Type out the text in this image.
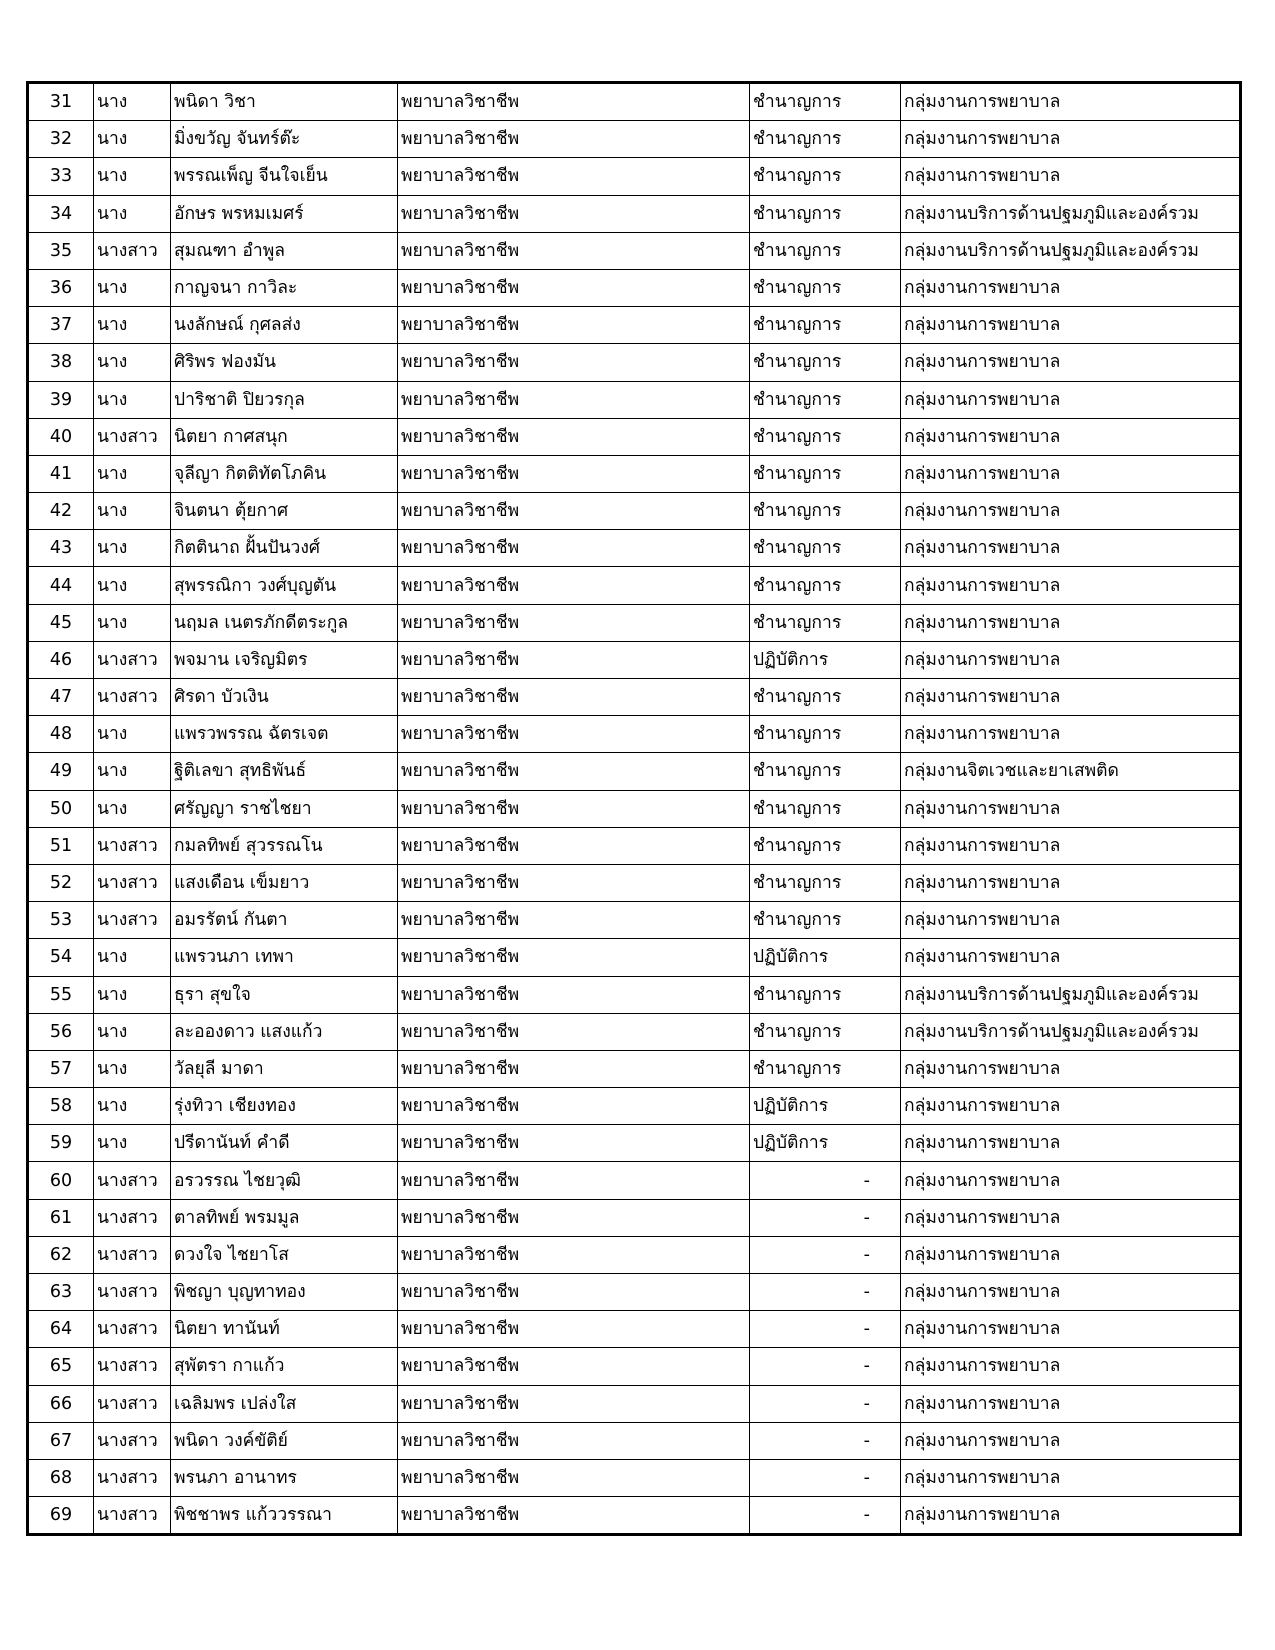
31	นาง	พนิดา วิชา	พยาบาลวิชาชีพ	ชำนาญการ	กลุ่มงานการพยาบาล
32	นาง	มิ่งขวัญ จันทร์ต๊ะ	พยาบาลวิชาชีพ	ชำนาญการ	กลุ่มงานการพยาบาล
33	นาง	พรรณเพ็ญ จีนใจเย็น	พยาบาลวิชาชีพ	ชำนาญการ	กลุ่มงานการพยาบาล
34	นาง	อักษร พรหมเมศร์	พยาบาลวิชาชีพ	ชำนาญการ	กลุ่มงานบริการด้านปฐมภูมิและองค์รวม
35	นางสาว	สุมณฑา อำพูล	พยาบาลวิชาชีพ	ชำนาญการ	กลุ่มงานบริการด้านปฐมภูมิและองค์รวม
36	นาง	กาญจนา กาวิละ	พยาบาลวิชาชีพ	ชำนาญการ	กลุ่มงานการพยาบาล
37	นาง	นงลักษณ์ กุศลส่ง	พยาบาลวิชาชีพ	ชำนาญการ	กลุ่มงานการพยาบาล
38	นาง	ศิริพร ฟองมัน	พยาบาลวิชาชีพ	ชำนาญการ	กลุ่มงานการพยาบาล
39	นาง	ปาริชาติ ปิยวรกุล	พยาบาลวิชาชีพ	ชำนาญการ	กลุ่มงานการพยาบาล
40	นางสาว	นิตยา กาศสนุก	พยาบาลวิชาชีพ	ชำนาญการ	กลุ่มงานการพยาบาล
41	นาง	จุลีญา กิตติทัตโภคิน	พยาบาลวิชาชีพ	ชำนาญการ	กลุ่มงานการพยาบาล
42	นาง	จินตนา ตุ้ยกาศ	พยาบาลวิชาชีพ	ชำนาญการ	กลุ่มงานการพยาบาล
43	นาง	กิตตินาถ ฝั้นปันวงศ์	พยาบาลวิชาชีพ	ชำนาญการ	กลุ่มงานการพยาบาล
44	นาง	สุพรรณิกา วงศ์บุญตัน	พยาบาลวิชาชีพ	ชำนาญการ	กลุ่มงานการพยาบาล
45	นาง	นฤมล เนตรภักดีตระกูล	พยาบาลวิชาชีพ	ชำนาญการ	กลุ่มงานการพยาบาล
46	นางสาว	พจมาน เจริญมิตร	พยาบาลวิชาชีพ	ปฏิบัติการ	กลุ่มงานการพยาบาล
47	นางสาว	ศิรดา บัวเงิน	พยาบาลวิชาชีพ	ชำนาญการ	กลุ่มงานการพยาบาล
48	นาง	แพรวพรรณ ฉัตรเจต	พยาบาลวิชาชีพ	ชำนาญการ	กลุ่มงานการพยาบาล
49	นาง	ฐิติเลขา สุทธิพันธ์	พยาบาลวิชาชีพ	ชำนาญการ	กลุ่มงานจิตเวชและยาเสพติด
50	นาง	ศรัญญา ราชไชยา	พยาบาลวิชาชีพ	ชำนาญการ	กลุ่มงานการพยาบาล
51	นางสาว	กมลทิพย์ สุวรรณโน	พยาบาลวิชาชีพ	ชำนาญการ	กลุ่มงานการพยาบาล
52	นางสาว	แสงเดือน เข็มยาว	พยาบาลวิชาชีพ	ชำนาญการ	กลุ่มงานการพยาบาล
53	นางสาว	อมรรัตน์ กันตา	พยาบาลวิชาชีพ	ชำนาญการ	กลุ่มงานการพยาบาล
54	นาง	แพรวนภา เทพา	พยาบาลวิชาชีพ	ปฏิบัติการ	กลุ่มงานการพยาบาล
55	นาง	ธุรา สุขใจ	พยาบาลวิชาชีพ	ชำนาญการ	กลุ่มงานบริการด้านปฐมภูมิและองค์รวม
56	นาง	ละอองดาว แสงแก้ว	พยาบาลวิชาชีพ	ชำนาญการ	กลุ่มงานบริการด้านปฐมภูมิและองค์รวม
57	นาง	วัลยุลี มาดา	พยาบาลวิชาชีพ	ชำนาญการ	กลุ่มงานการพยาบาล
58	นาง	รุ่งทิวา เชียงทอง	พยาบาลวิชาชีพ	ปฏิบัติการ	กลุ่มงานการพยาบาล
59	นาง	ปรีดานันท์ คำดี	พยาบาลวิชาชีพ	ปฏิบัติการ	กลุ่มงานการพยาบาล
60	นางสาว	อรวรรณ ไชยวุฒิ	พยาบาลวิชาชีพ	-	กลุ่มงานการพยาบาล
61	นางสาว	ตาลทิพย์ พรมมูล	พยาบาลวิชาชีพ	-	กลุ่มงานการพยาบาล
62	นางสาว	ดวงใจ ไชยาโส	พยาบาลวิชาชีพ	-	กลุ่มงานการพยาบาล
63	นางสาว	พิชญา บุญทาทอง	พยาบาลวิชาชีพ	-	กลุ่มงานการพยาบาล
64	นางสาว	นิตยา ทานันท์	พยาบาลวิชาชีพ	-	กลุ่มงานการพยาบาล
65	นางสาว	สุพัตรา กาแก้ว	พยาบาลวิชาชีพ	-	กลุ่มงานการพยาบาล
66	นางสาว	เฉลิมพร เปล่งใส	พยาบาลวิชาชีพ	-	กลุ่มงานการพยาบาล
67	นางสาว	พนิดา วงค์ขัติย์	พยาบาลวิชาชีพ	-	กลุ่มงานการพยาบาล
68	นางสาว	พรนภา อานาทร	พยาบาลวิชาชีพ	-	กลุ่มงานการพยาบาล
69	นางสาว	พิชชาพร แก้ววรรณา	พยาบาลวิชาชีพ	-	กลุ่มงานการพยาบาล
